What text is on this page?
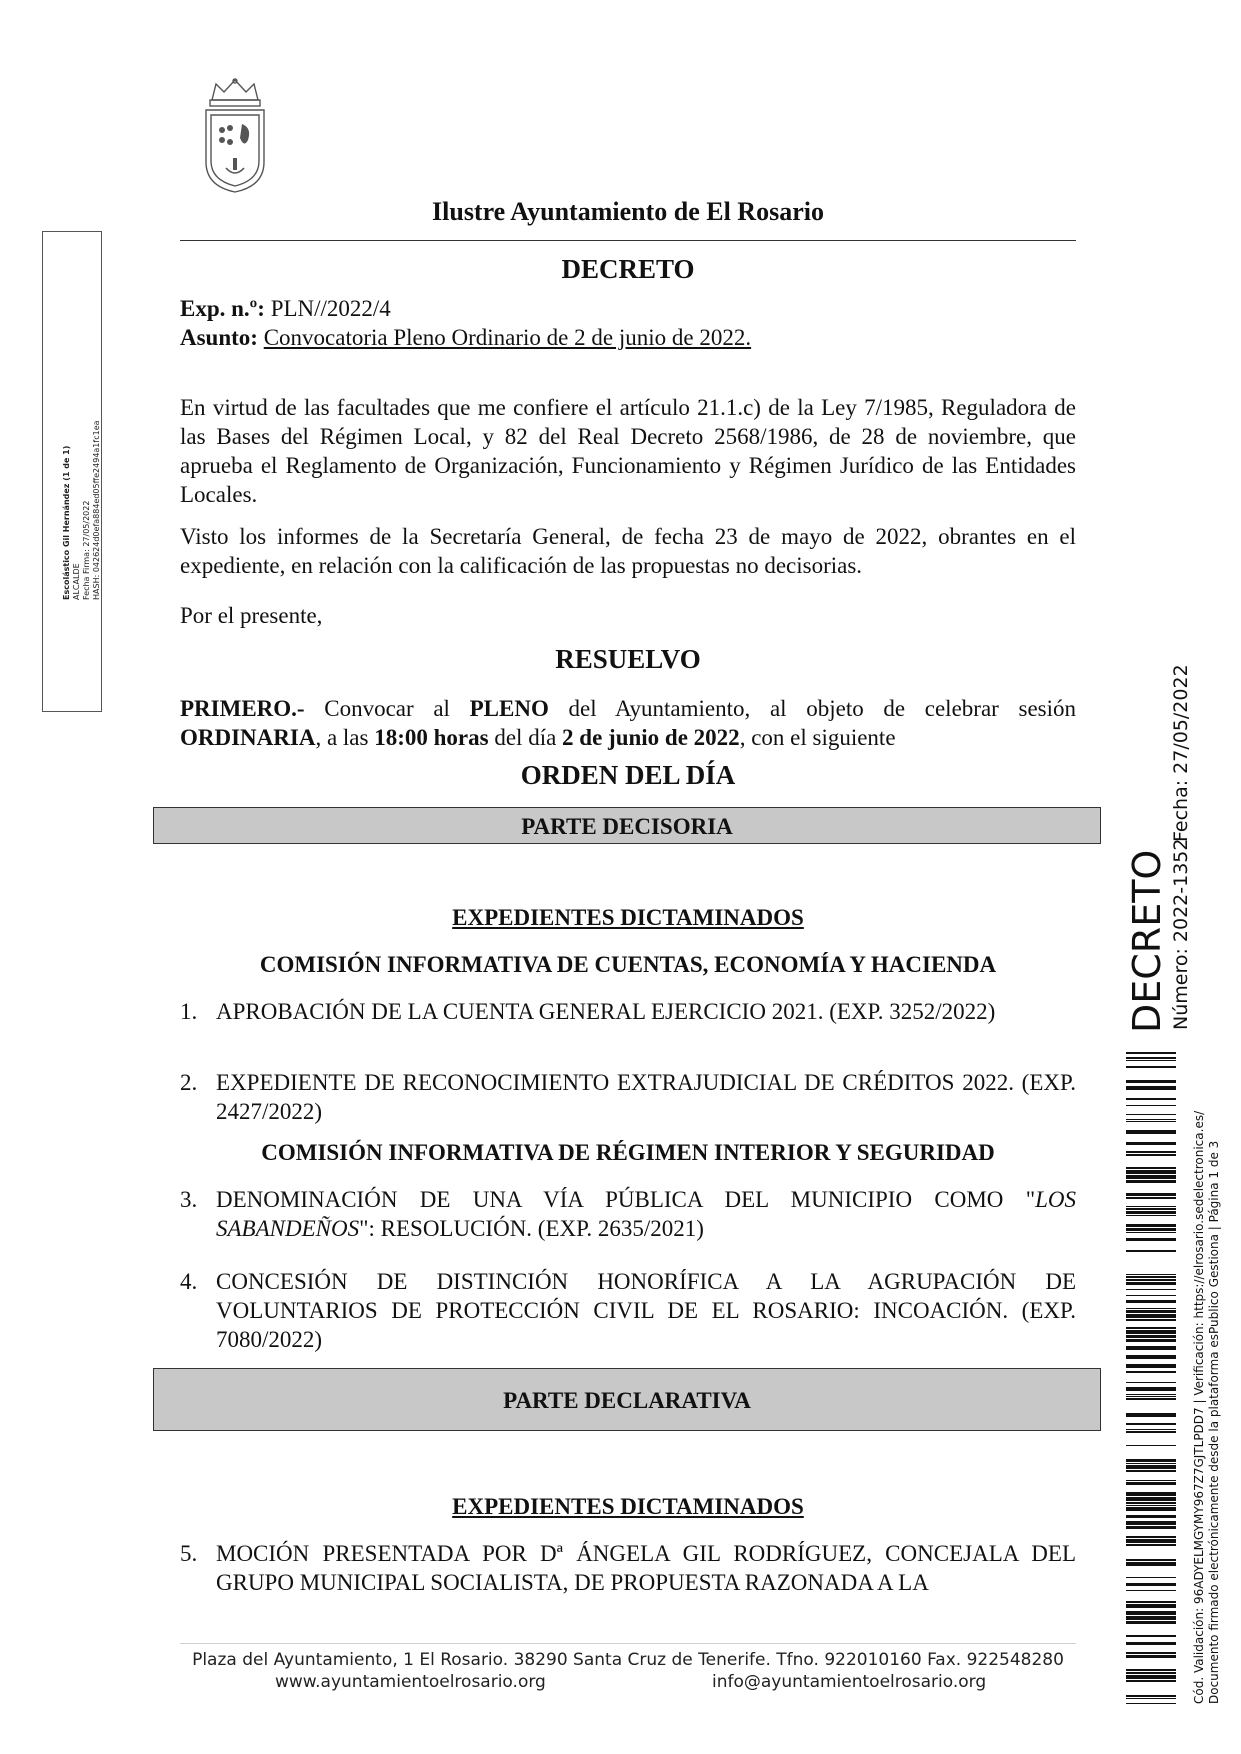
Ilustre Ayuntamiento de El Rosario
DECRETO
Exp. n.º: PLN//2022/4
Asunto: Convocatoria Pleno Ordinario de 2 de junio de 2022.
En virtud de las facultades que me confiere el artículo 21.1.c) de la Ley 7/1985, Reguladora de las Bases del Régimen Local, y 82 del Real Decreto 2568/1986, de 28 de noviembre, que aprueba el Reglamento de Organización, Funcionamiento y Régimen Jurídico de las Entidades Locales.
Visto los informes de la Secretaría General, de fecha 23 de mayo de 2022, obrantes en el expediente, en relación con la calificación de las propuestas no decisorias.
Por el presente,
RESUELVO
PRIMERO.- Convocar al PLENO del Ayuntamiento, al objeto de celebrar sesión ORDINARIA, a las 18:00 horas del día 2 de junio de 2022, con el siguiente
ORDEN DEL DÍA
PARTE DECISORIA
EXPEDIENTES DICTAMINADOS
COMISIÓN INFORMATIVA DE CUENTAS, ECONOMÍA Y HACIENDA
1. APROBACIÓN DE LA CUENTA GENERAL EJERCICIO 2021. (EXP. 3252/2022)
2. EXPEDIENTE DE RECONOCIMIENTO EXTRAJUDICIAL DE CRÉDITOS 2022. (EXP. 2427/2022)
COMISIÓN INFORMATIVA DE RÉGIMEN INTERIOR Y SEGURIDAD
3. DENOMINACIÓN DE UNA VÍA PÚBLICA DEL MUNICIPIO COMO "LOS SABANDEÑOS": RESOLUCIÓN. (EXP. 2635/2021)
4. CONCESIÓN DE DISTINCIÓN HONORÍFICA A LA AGRUPACIÓN DE VOLUNTARIOS DE PROTECCIÓN CIVIL DE EL ROSARIO: INCOACIÓN. (EXP. 7080/2022)
PARTE DECLARATIVA
EXPEDIENTES DICTAMINADOS
5. MOCIÓN PRESENTADA POR Dª ÁNGELA GIL RODRÍGUEZ, CONCEJALA DEL GRUPO MUNICIPAL SOCIALISTA, DE PROPUESTA RAZONADA A LA
Plaza del Ayuntamiento, 1 El Rosario. 38290 Santa Cruz de Tenerife. Tfno. 922010160 Fax. 922548280
www.ayuntamientoelrosario.org	info@ayuntamientoelrosario.org
Escolástico Gil Hernández (1 de 1) ALCALDE Fecha Firma: 27/05/2022 HASH: 042624d0efa884ed05ffe2494a1fc1ea
Fecha: 27/05/2022
DECRETO Número: 2022-1352
Cód. Validación: 96ADYELMGYMY967Z7GJTLPDD7 | Verificación: https://elrosario.sedelectronica.es/ Documento firmado electrónicamente desde la plataforma esPublico Gestiona | Página 1 de 3
